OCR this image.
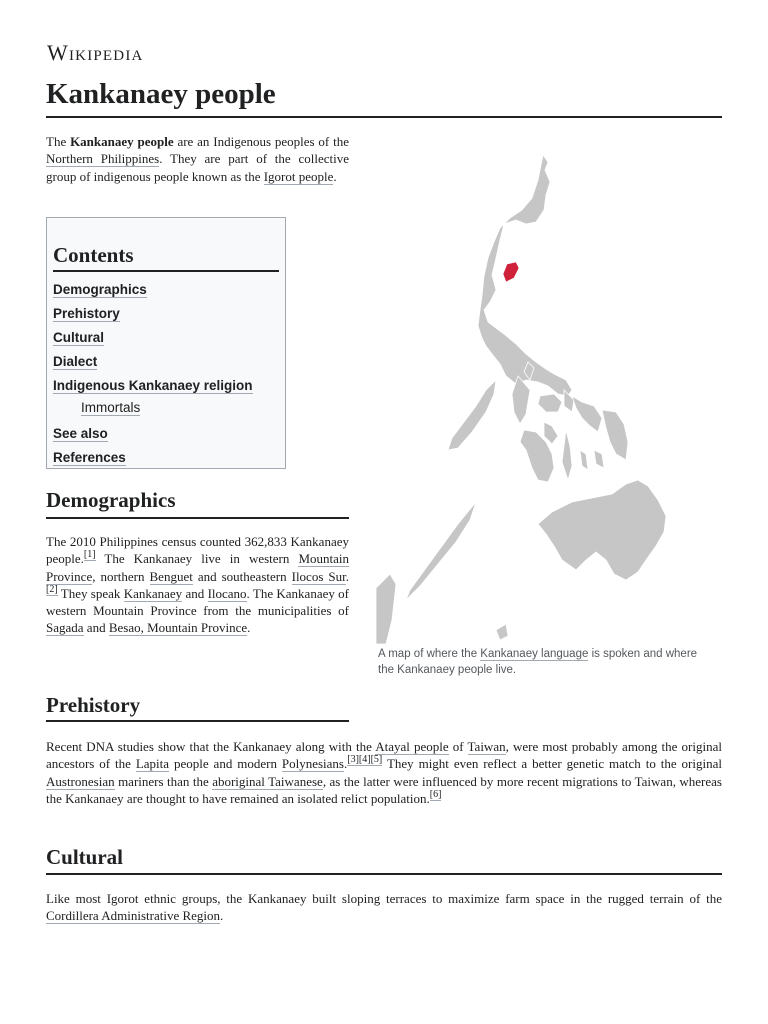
Wikipedia
Kankanaey people

The Kankanaey people are an Indigenous peoples of the Northern Philippines. They are part of the collective group of indigenous people known as the Igorot people.

Contents
Demographics
Prehistory
Cultural
Dialect
Indigenous Kankanaey religion
Immortals
See also
References
Demographics

The 2010 Philippines census counted 362,833 Kankanaey people.[1] The Kankanaey live in western Mountain Province, northern Benguet and southeastern Ilocos Sur.[2] They speak Kankanaey and Ilocano. The Kankanaey of western Mountain Province from the municipalities of Sagada and Besao, Mountain Province.

A map of where the Kankanaey language is spoken and where the Kankanaey people live.

Prehistory

Recent DNA studies show that the Kankanaey along with the Atayal people of Taiwan, were most probably among the original ancestors of the Lapita people and modern Polynesians.[3][4][5] They might even reflect a better genetic match to the original Austronesian mariners than the aboriginal Taiwanese, as the latter were influenced by more recent migrations to Taiwan, whereas the Kankanaey are thought to have remained an isolated relict population.[6]

Cultural

Like most Igorot ethnic groups, the Kankanaey built sloping terraces to maximize farm space in the rugged terrain of the Cordillera Administrative Region.
